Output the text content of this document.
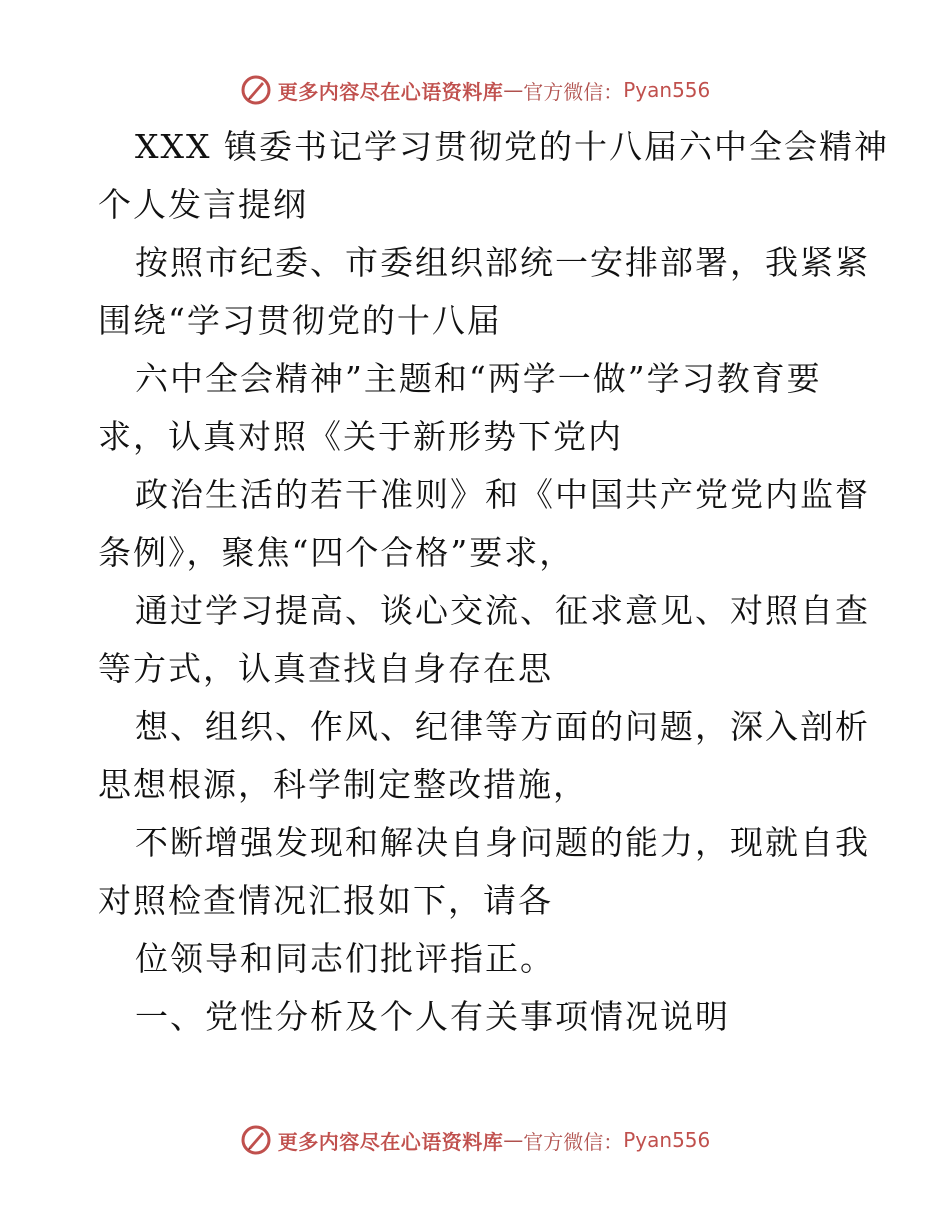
更多内容尽在心语资料库 — 官方微信： Pyan556
XXX 镇委书记学习贯彻党的十八届六中全会精神
个人发言提纲
按照市纪委、市委组织部统一安排部署，我紧紧
围绕“学习贯彻党的十八届
六中全会精神”主题和“两学一做”学习教育要
求，认真对照《关于新形势下党内
政治生活的若干准则》和《中国共产党党内监督
条例》，聚焦“四个合格”要求，
通过学习提高、谈心交流、征求意见、对照自查
等方式，认真查找自身存在思
想、组织、作风、纪律等方面的问题，深入剖析
思想根源，科学制定整改措施，
不断增强发现和解决自身问题的能力，现就自我
对照检查情况汇报如下，请各
位领导和同志们批评指正。
一、党性分析及个人有关事项情况说明
更多内容尽在心语资料库 — 官方微信： Pyan556
